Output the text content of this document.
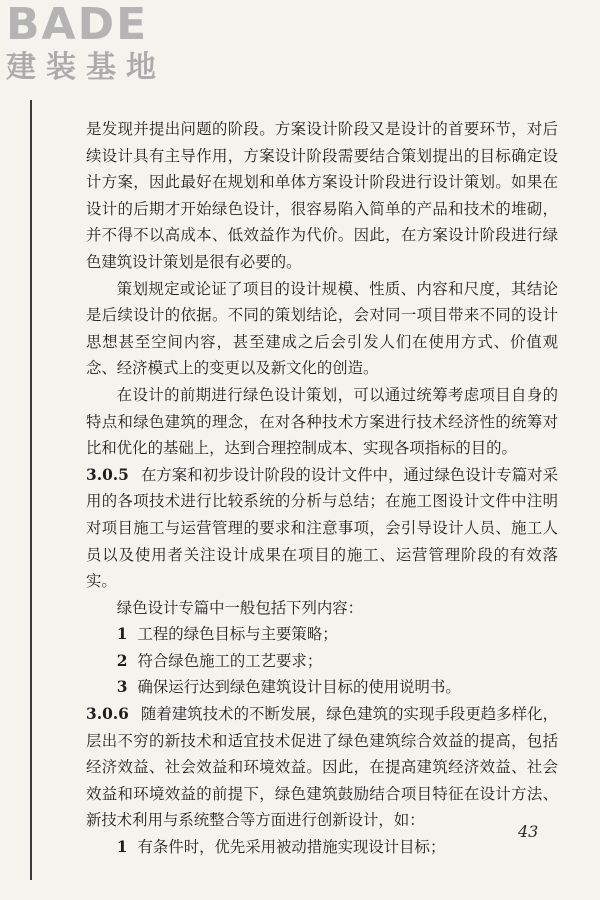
BADE
建装基地

是发现并提出问题的阶段。方案设计阶段又是设计的首要环节，对后续设计具有主导作用，方案设计阶段需要结合策划提出的目标确定设计方案，因此最好在规划和单体方案设计阶段进行设计策划。如果在设计的后期才开始绿色设计，很容易陷入简单的产品和技术的堆砌，并不得不以高成本、低效益作为代价。因此，在方案设计阶段进行绿色建筑设计策划是很有必要的。

策划规定或论证了项目的设计规模、性质、内容和尺度，其结论是后续设计的依据。不同的策划结论，会对同一项目带来不同的设计思想甚至空间内容，甚至建成之后会引发人们在使用方式、价值观念、经济模式上的变更以及新文化的创造。

在设计的前期进行绿色设计策划，可以通过统筹考虑项目自身的特点和绿色建筑的理念，在对各种技术方案进行技术经济性的统筹对比和优化的基础上，达到合理控制成本、实现各项指标的目的。

3.0.5 在方案和初步设计阶段的设计文件中，通过绿色设计专篇对采用的各项技术进行比较系统的分析与总结；在施工图设计文件中注明对项目施工与运营管理的要求和注意事项，会引导设计人员、施工人员以及使用者关注设计成果在项目的施工、运营管理阶段的有效落实。

绿色设计专篇中一般包括下列内容：

1 工程的绿色目标与主要策略；

2 符合绿色施工的工艺要求；

3 确保运行达到绿色建筑设计目标的使用说明书。

3.0.6 随着建筑技术的不断发展，绿色建筑的实现手段更趋多样化，层出不穷的新技术和适宜技术促进了绿色建筑综合效益的提高，包括经济效益、社会效益和环境效益。因此，在提高建筑经济效益、社会效益和环境效益的前提下，绿色建筑鼓励结合项目特征在设计方法、新技术利用与系统整合等方面进行创新设计，如：

1 有条件时，优先采用被动措施实现设计目标；

43
